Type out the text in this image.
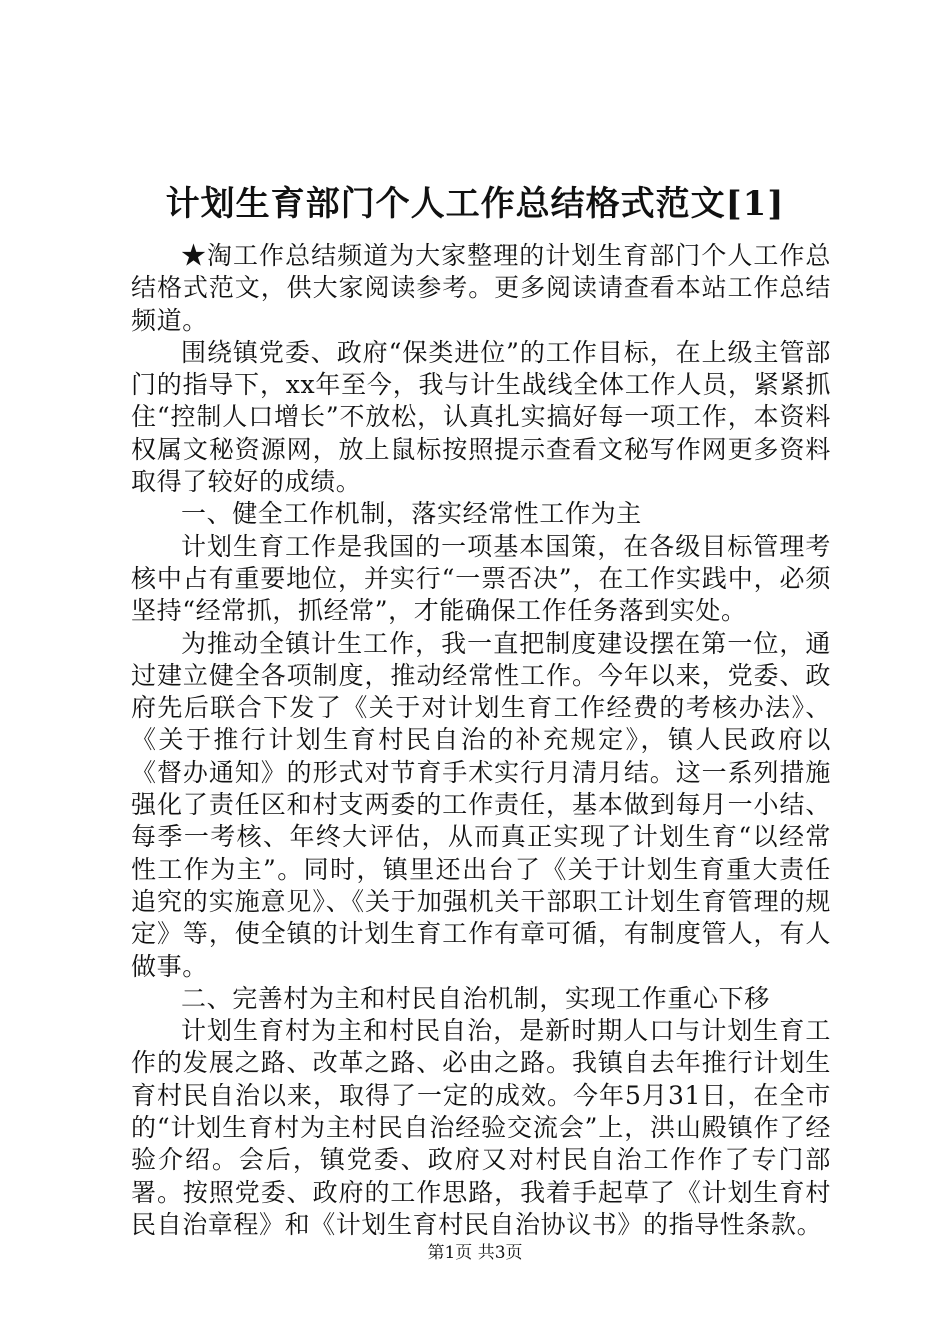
计划生育部门个人工作总结格式范文[1]

★淘工作总结频道为大家整理的计划生育部门个人工作总结格式范文，供大家阅读参考。更多阅读请查看本站工作总结频道。

围绕镇党委、政府“保类进位”的工作目标，在上级主管部门的指导下，xx年至今，我与计生战线全体工作人员，紧紧抓住“控制人口增长”不放松，认真扎实搞好每一项工作，本资料权属文秘资源网，放上鼠标按照提示查看文秘写作网更多资料取得了较好的成绩。

一、健全工作机制，落实经常性工作为主

计划生育工作是我国的一项基本国策，在各级目标管理考核中占有重要地位，并实行“一票否决”，在工作实践中，必须坚持“经常抓，抓经常”，才能确保工作任务落到实处。

为推动全镇计生工作，我一直把制度建设摆在第一位，通过建立健全各项制度，推动经常性工作。今年以来，党委、政府先后联合下发了《关于对计划生育工作经费的考核办法》、《关于推行计划生育村民自治的补充规定》，镇人民政府以《督办通知》的形式对节育手术实行月清月结。这一系列措施强化了责任区和村支两委的工作责任，基本做到每月一小结、每季一考核、年终大评估，从而真正实现了计划生育“以经常性工作为主”。同时，镇里还出台了《关于计划生育重大责任追究的实施意见》、《关于加强机关干部职工计划生育管理的规定》等，使全镇的计划生育工作有章可循，有制度管人，有人做事。

二、完善村为主和村民自治机制，实现工作重心下移

计划生育村为主和村民自治，是新时期人口与计划生育工作的发展之路、改革之路、必由之路。我镇自去年推行计划生育村民自治以来，取得了一定的成效。今年5月31日，在全市的“计划生育村为主村民自治经验交流会”上，洪山殿镇作了经验介绍。会后，镇党委、政府又对村民自治工作作了专门部署。按照党委、政府的工作思路，我着手起草了《计划生育村民自治章程》和《计划生育村民自治协议书》的指导性条款。

第1页 共3页
